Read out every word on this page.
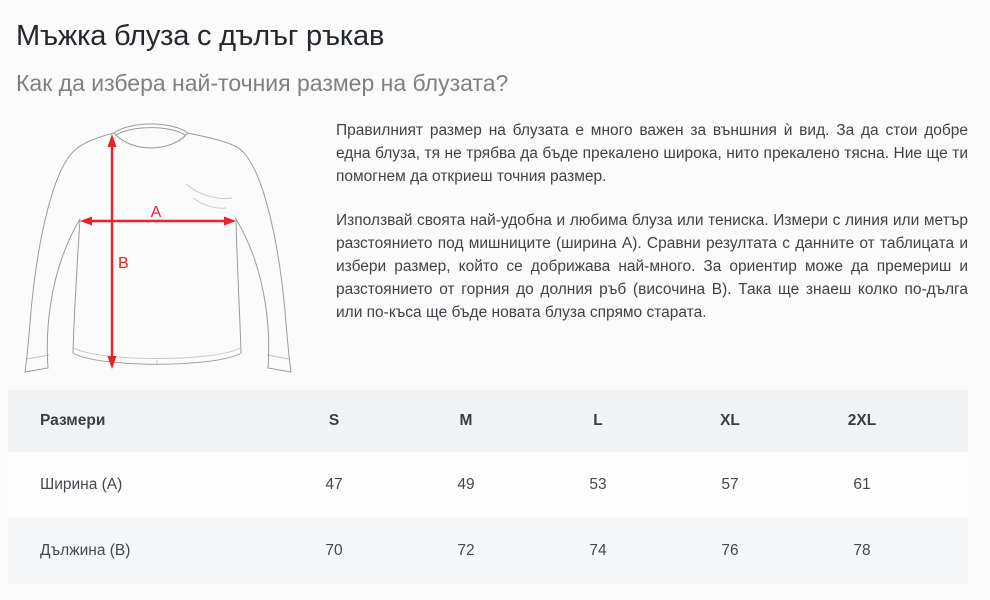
Мъжка блуза с дълъг ръкав
Как да избера най-точния размер на блузата?
A
B

Правилният размер на блузата е много важен за външния ѝ вид. За да стои добре една блуза, тя не трябва да бъде прекалено широка, нито прекалено тясна. Ние ще ти помогнем да откриеш точния размер.

Използвай своята най-удобна и любима блуза или тениска. Измери с линия или метър разстоянието под мишниците (ширина A). Сравни резултата с данните от таблицата и избери размер, който се добрижава най-много. За ориентир може да премериш и разстоянието от горния до долния ръб (височина B). Така ще знаеш колко по-дълга или по-къса ще бъде новата блуза спрямо старата.

Размери	S	M	L	XL	2XL	
Ширина (A)	47	49	53	57	61	
Дължина (B)	70	72	74	76	78	
